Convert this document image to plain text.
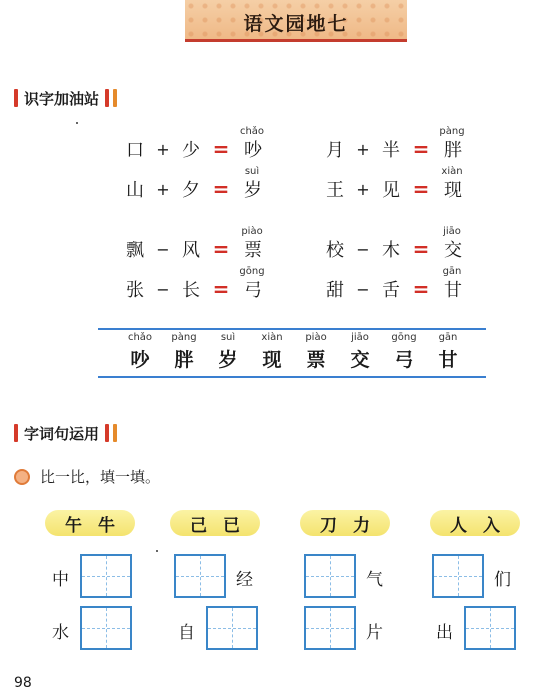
语文园地七
识字加油站
chǎo
口 + 少 = 吵
pàng
月 + 半 = 胖
suì
山 + 夕 = 岁
xiàn
王 + 见 = 现
piào
飘 − 风 = 票
jiāo
校 − 木 = 交
gōng
张 − 长 = 弓
gān
甜 − 舌 = 甘
chǎo
吵
pàng
胖
suì
岁
xiàn
现
piào
票
jiāo
交
gōng
弓
gān
甘
字词句运用
比一比，填一填。
午 牛	己 已	刀 力	人 入
中	经	气	们
水	自	片	出
98
